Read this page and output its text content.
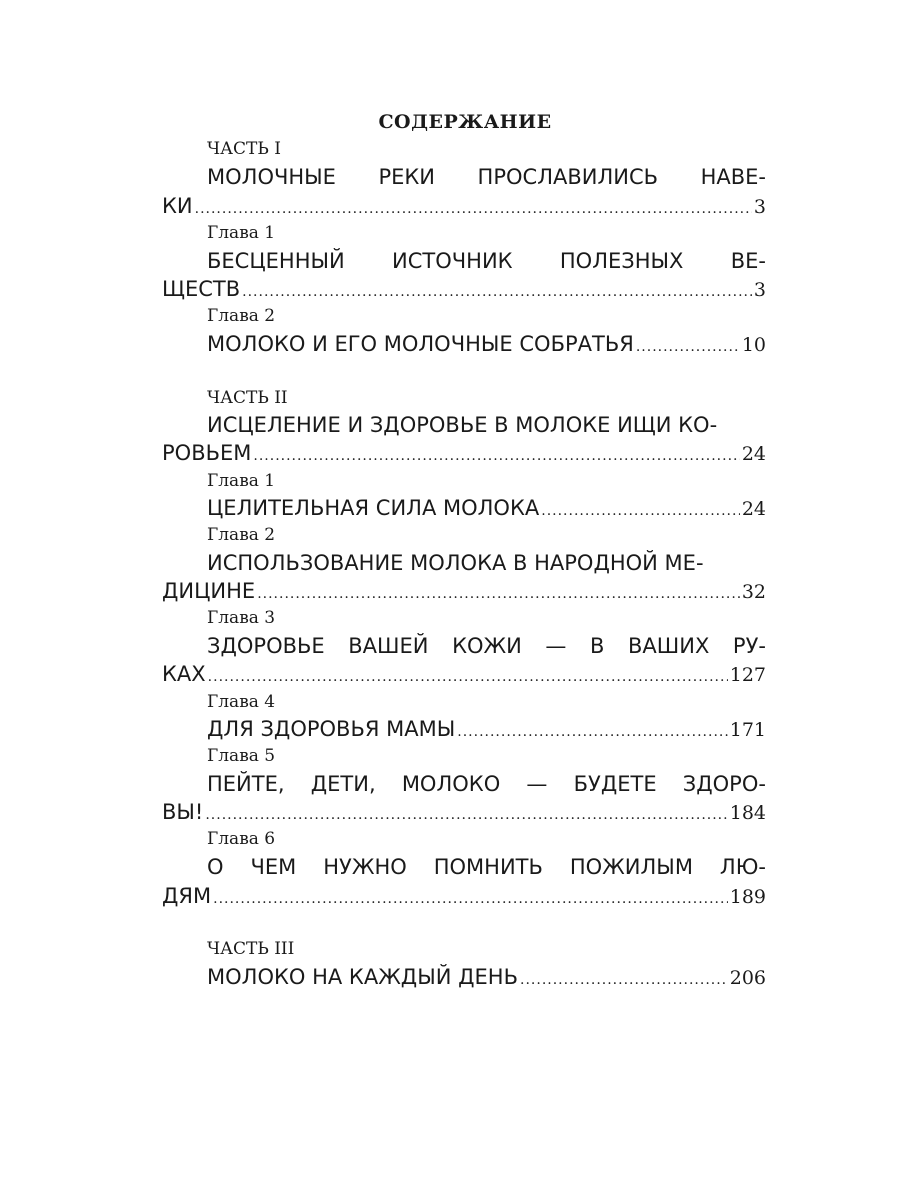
СОДЕРЖАНИЕ
ЧАСТЬ I
МОЛОЧНЫЕ РЕКИ ПРОСЛАВИЛИСЬ НАВЕ-
КИ .....	3
Глава 1
БЕСЦЕННЫЙ ИСТОЧНИК ПОЛЕЗНЫХ ВЕ-
ЩЕСТВ .....	3
Глава 2
МОЛОКО И ЕГО МОЛОЧНЫЕ СОБРАТЬЯ .....	10
ЧАСТЬ II
ИСЦЕЛЕНИЕ И ЗДОРОВЬЕ В МОЛОКЕ ИЩИ КО-
РОВЬЕМ .....	24
Глава 1
ЦЕЛИТЕЛЬНАЯ СИЛА МОЛОКА .....	24
Глава 2
ИСПОЛЬЗОВАНИЕ МОЛОКА В НАРОДНОЙ МЕ-
ДИЦИНЕ .....	32
Глава 3
ЗДОРОВЬЕ ВАШЕЙ КОЖИ — В ВАШИХ РУ-
КАХ .....	127
Глава 4
ДЛЯ ЗДОРОВЬЯ МАМЫ .....	171
Глава 5
ПЕЙТЕ, ДЕТИ, МОЛОКО — БУДЕТЕ ЗДОРО-
ВЫ! .....	184
Глава 6
О ЧЕМ НУЖНО ПОМНИТЬ ПОЖИЛЫМ ЛЮ-
ДЯМ .....	189
ЧАСТЬ III
МОЛОКО НА КАЖДЫЙ ДЕНЬ .....	206
